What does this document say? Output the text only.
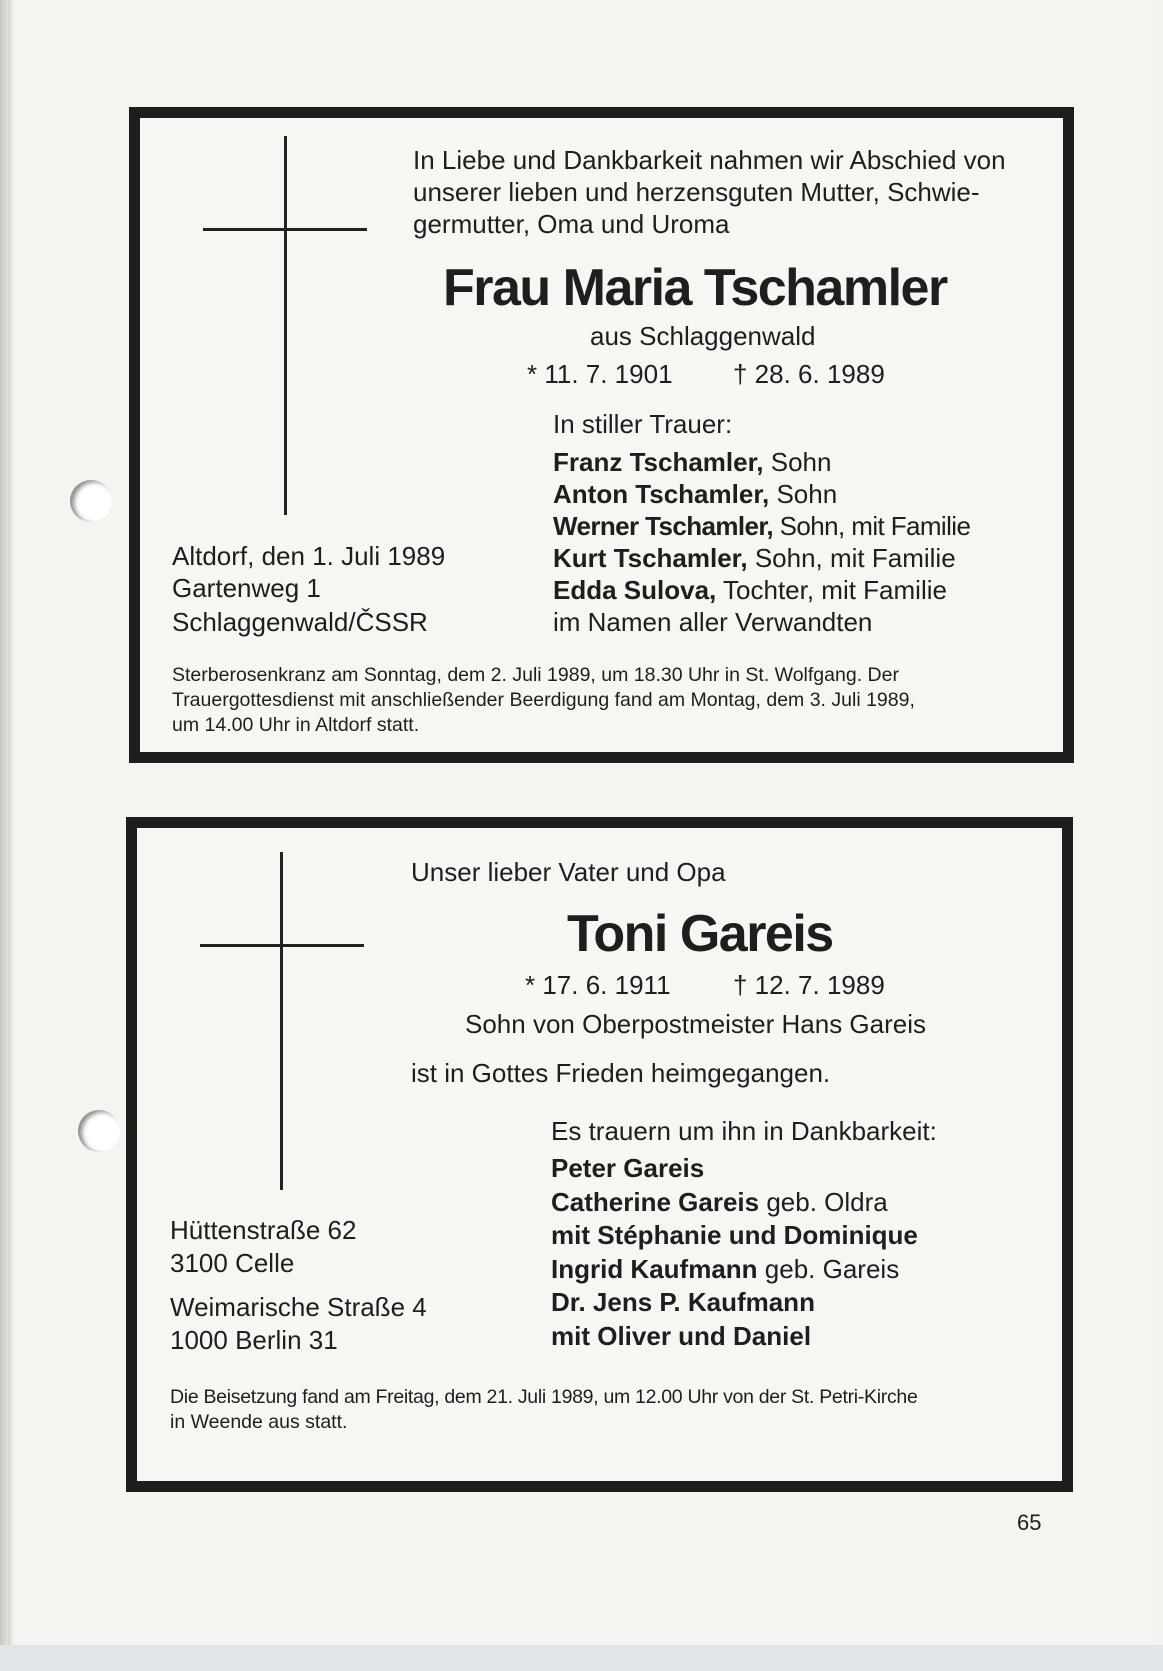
In Liebe und Dankbarkeit nahmen wir Abschied von
unserer lieben und herzensguten Mutter, Schwie-
germutter, Oma und Uroma
Frau Maria Tschamler
aus Schlaggenwald
* 11. 7. 1901 † 28. 6. 1989
In stiller Trauer:
Franz Tschamler, Sohn
Anton Tschamler, Sohn
Werner Tschamler, Sohn, mit Familie
Kurt Tschamler, Sohn, mit Familie
Edda Sulova, Tochter, mit Familie
im Namen aller Verwandten
Altdorf, den 1. Juli 1989
Gartenweg 1
Schlaggenwald/ČSSR
Sterberosenkranz am Sonntag, dem 2. Juli 1989, um 18.30 Uhr in St. Wolfgang. Der
Trauergottesdienst mit anschließender Beerdigung fand am Montag, dem 3. Juli 1989,
um 14.00 Uhr in Altdorf statt.
Unser lieber Vater und Opa
Toni Gareis
* 17. 6. 1911 † 12. 7. 1989
Sohn von Oberpostmeister Hans Gareis
ist in Gottes Frieden heimgegangen.
Es trauern um ihn in Dankbarkeit:
Peter Gareis
Catherine Gareis geb. Oldra
mit Stéphanie und Dominique
Ingrid Kaufmann geb. Gareis
Dr. Jens P. Kaufmann
mit Oliver und Daniel
Hüttenstraße 62
3100 Celle
Weimarische Straße 4
1000 Berlin 31
Die Beisetzung fand am Freitag, dem 21. Juli 1989, um 12.00 Uhr von der St. Petri-Kirche
in Weende aus statt.
65
